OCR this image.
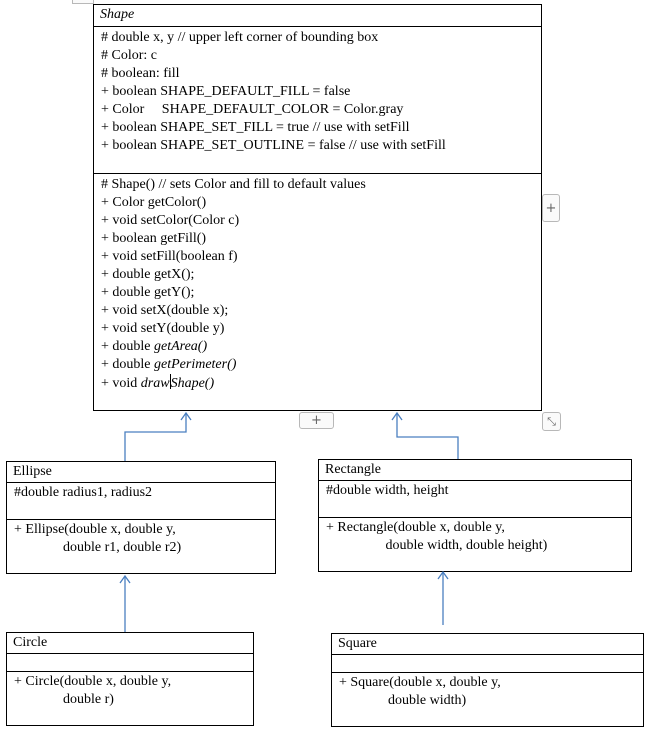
Shape
# double x, y // upper left corner of bounding box
# Color: c
# boolean: fill
+ boolean SHAPE_DEFAULT_FILL = false
+ Color     SHAPE_DEFAULT_COLOR = Color.gray
+ boolean SHAPE_SET_FILL = true // use with setFill
+ boolean SHAPE_SET_OUTLINE = false // use with setFill
# Shape() // sets Color and fill to default values
+ Color getColor()
+ void setColor(Color c)
+ boolean getFill()
+ void setFill(boolean f)
+ double getX();
+ double getY();
+ void setX(double x);
+ void setY(double y)
+ double getArea()
+ double getPerimeter()
+ void drawShape()
Ellipse
#double radius1, radius2
+ Ellipse(double x, double y,
double r1, double r2)
Rectangle
#double width, height
+ Rectangle(double x, double y,
double width, double height)
Circle
+ Circle(double x, double y,
double r)
Square
+ Square(double x, double y,
double width)
+
+	⤡
